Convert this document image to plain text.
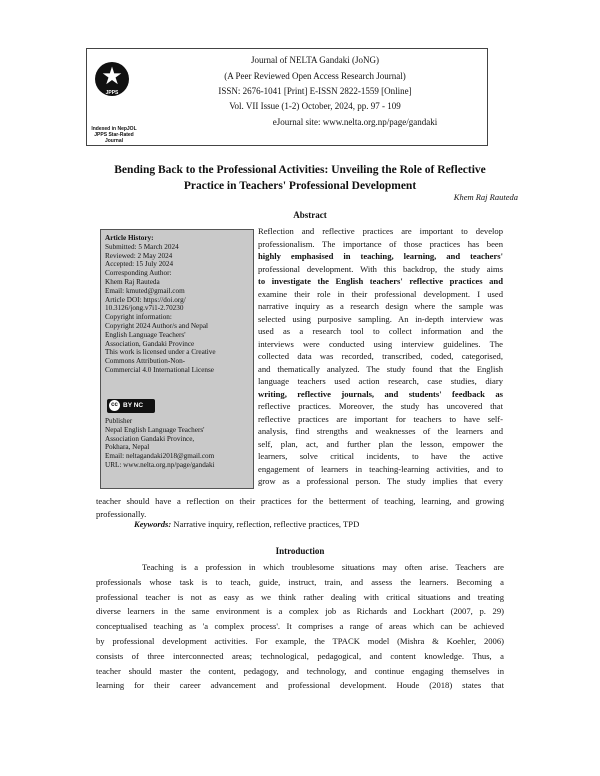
★
JPPS
Indexed in NepJOL
JPPS Star-Rated Journal
Journal of NELTA Gandaki (JoNG)
(A Peer Reviewed Open Access Research Journal)
ISSN: 2676-1041 [Print] E-ISSN 2822-1559 [Online]
Vol. VII Issue (1-2) October, 2024, pp. 97 - 109
eJournal site: www.nelta.org.np/page/gandaki
Bending Back to the Professional Activities: Unveiling the Role of Reflective
Practice in Teachers' Professional Development
Khem Raj Rauteda
Abstract
Article History:
Submitted: 5 March 2024
Reviewed: 2 May 2024
Accepted: 15 July 2024
Corresponding Author:
Khem Raj Rauteda
Email: kmuted@gmail.com
Article DOI: https://doi.org/
10.3126/jong.v7i1-2.70230
Copyright information:
Copyright 2024 Author/s and Nepal
English Language Teachers'
Association, Gandaki Province
This work is licensed under a Creative
Commons Attribution-Non-
Commercial 4.0 International License
cc BY NC
Publisher
Nepal English Language Teachers'
Association Gandaki Province,
Pokhara, Nepal
Email: neltagandaki2018@gmail.com
URL: www.nelta.org.np/page/gandaki
Reflection and reflective practices are important to develop
professionalism. The importance of those practices has been
highly emphasised in teaching, learning, and teachers'
professional development. With this backdrop, the study aims
to investigate the English teachers' reflective practices and
examine their role in their professional development. I used
narrative inquiry as a research design where the sample was
selected using purposive sampling. An in-depth interview was
used as a research tool to collect information and the
interviews were conducted using interview guidelines. The
collected data was recorded, transcribed, coded, categorised,
and thematically analyzed. The study found that the English
language teachers used action research, case studies, diary
writing, reflective journals, and students' feedback as
reflective practices. Moreover, the study has uncovered that
reflective practices are important for teachers to have self-
analysis, find strengths and weaknesses of the learners and
self, plan, act, and further plan the lesson, empower the
learners, solve critical incidents, to have the active
engagement of learners in teaching-learning activities, and to
grow as a professional person. The study implies that every
teacher should have a reflection on their practices for the betterment of teaching, learning, and growing
professionally.
Keywords: Narrative inquiry, reflection, reflective practices, TPD
Introduction
Teaching is a profession in which troublesome situations may often arise. Teachers are
professionals whose task is to teach, guide, instruct, train, and assess the learners. Becoming a
professional teacher is not as easy as we think rather dealing with critical situations and treating
diverse learners in the same environment is a complex job as Richards and Lockhart (2007, p. 29)
conceptualised teaching as 'a complex process'. It comprises a range of areas which can be achieved
by professional development activities. For example, the TPACK model (Mishra & Koehler, 2006)
consists of three interconnected areas; technological, pedagogical, and content knowledge. Thus, a
teacher should master the content, pedagogy, and technology, and continue engaging themselves in
learning for their career advancement and professional development. Houde (2018) states that
